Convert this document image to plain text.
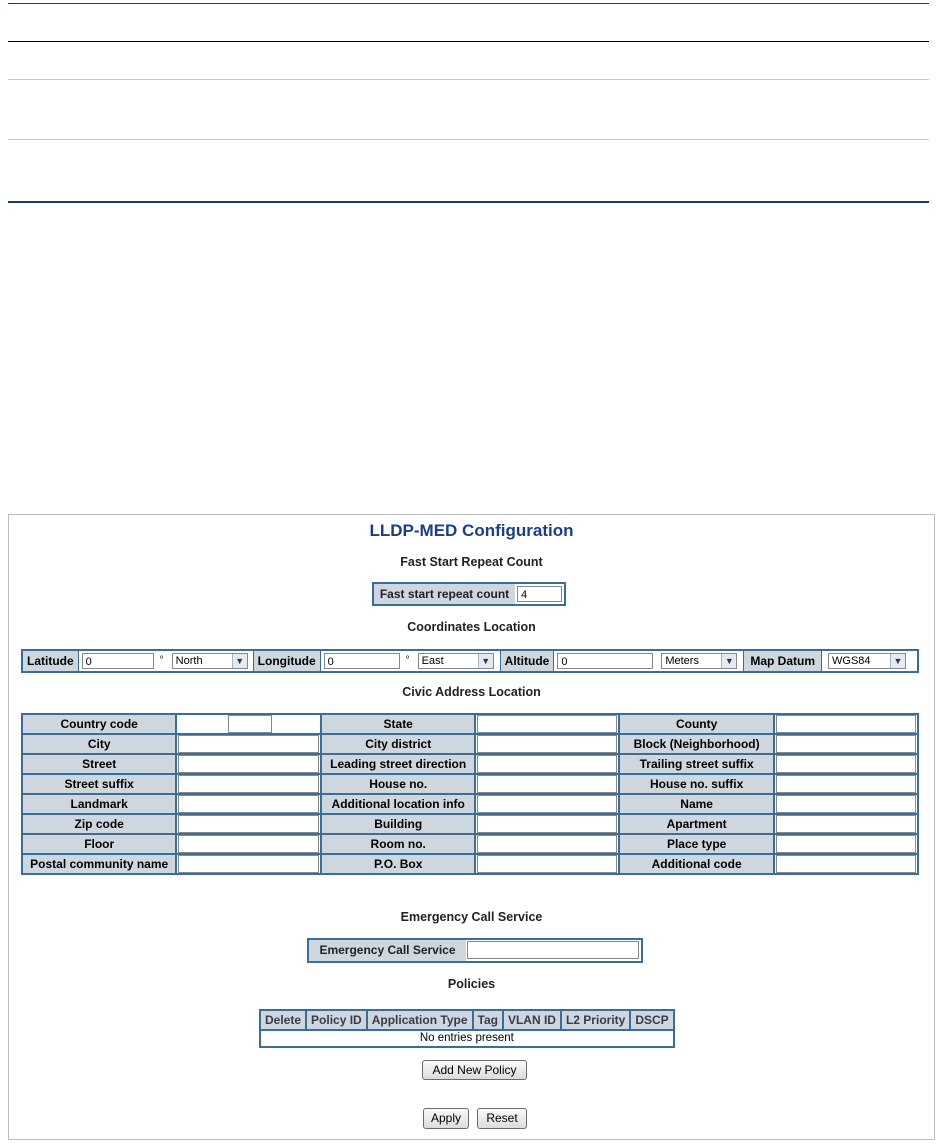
LLDP-MED Configuration
Fast Start Repeat Count
Fast start repeat count	4
Coordinates Location
Latitude	0	°	North	▼	Longitude	0	°	East	▼	Altitude	0	Meters	▼	Map Datum	WGS84	▼
Civic Address Location
Country code		State		County	

City		City district		Block (Neighborhood)	

Street		Leading street direction		Trailing street suffix	

Street suffix		House no.		House no. suffix	

Landmark		Additional location info		Name	

Zip code		Building		Apartment	

Floor		Room no.		Place type	

Postal community name		P.O. Box		Additional code	
Emergency Call Service
Emergency Call Service
Policies
Delete	Policy ID	Application Type	Tag	VLAN ID	L2 Priority	DSCP
No entries present
Add New Policy
Apply	Reset
